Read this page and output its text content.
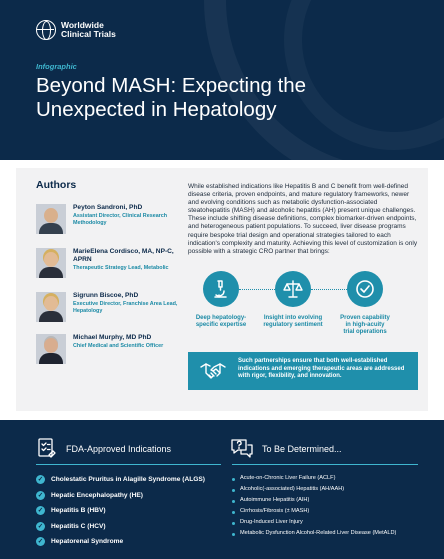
Worldwide
Clinical Trials
Infographic
Beyond MASH: Expecting the
Unexpected in Hepatology
Authors
Peyton Sandroni, PhD
Assistant Director, Clinical Research Methodology
MarieElena Cordisco, MA, NP-C, APRN
Therapeutic Strategy Lead, Metabolic
Sigrunn Biscoe, PhD
Executive Director, Franchise Area Lead, Hepatology
Michael Murphy, MD PhD
Chief Medical and Scientific Officer
While established indications like Hepatitis B and C benefit from well-defined disease criteria, proven endpoints, and mature regulatory frameworks, newer and evolving conditions such as metabolic dysfunction-associated steatohepatitis (MASH) and alcoholic hepatitis (AH) present unique challenges. These include shifting disease definitions, complex biomarker-driven endpoints, and heterogeneous patient populations. To succeed, liver disease programs require bespoke trial design and operational strategies tailored to each indication's complexity and maturity. Achieving this level of customization is only possible with a strategic CRO partner that brings:
Deep hepatology-
specific expertise
Insight into evolving
regulatory sentiment
Proven capability
in high-acuity
trial operations
Such partnerships ensure that both well-established indications and emerging therapeutic areas are addressed with rigor, flexibility, and innovation.
FDA-Approved Indications	To Be Determined...
✓ Cholestatic Pruritus in Alagille Syndrome (ALGS)
✓ Hepatic Encephalopathy (HE)
✓ Hepatitis B (HBV)
✓ Hepatitis C (HCV)
✓ Hepatorenal Syndrome
Acute-on-Chronic Liver Failure (ACLF)
Alcoholic(-associated) Hepatitis (AH/AAH)
Autoimmune Hepatitis (AIH)
Cirrhosis/Fibrosis (± MASH)
Drug-Induced Liver Injury
Metabolic Dysfunction Alcohol-Related Liver Disease (MetALD)
